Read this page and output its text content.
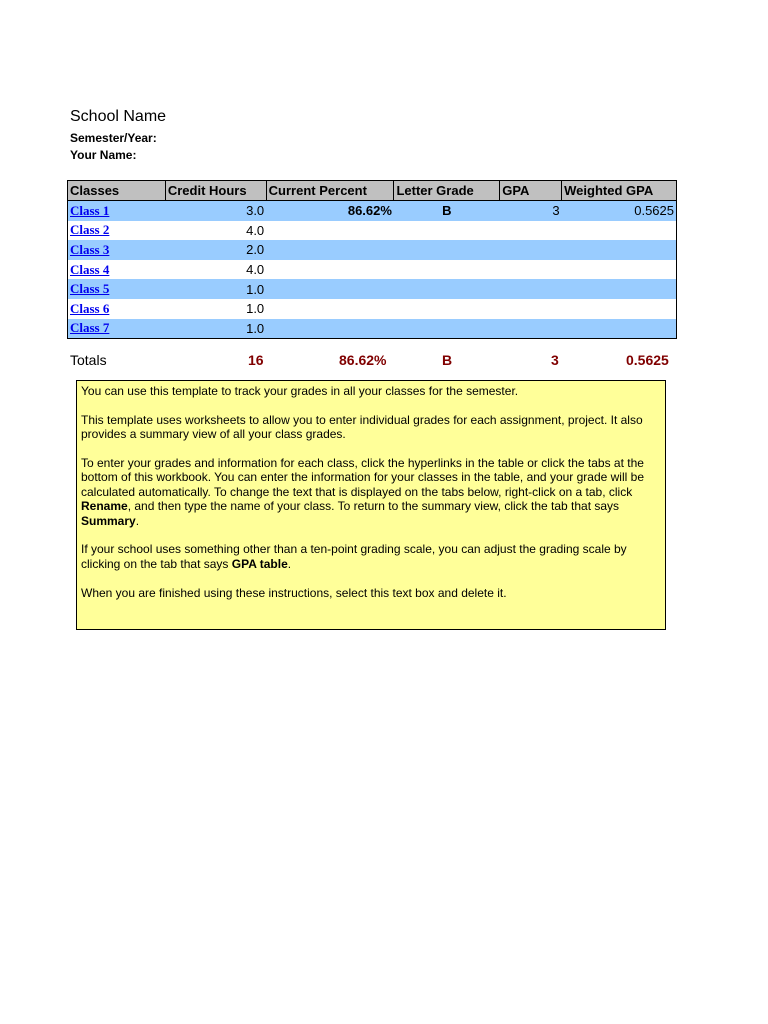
School Name
Semester/Year:
Your Name:
Classes	Credit Hours	Current Percent	Letter Grade	GPA	Weighted GPA
Class 1	3.0	86.62%	B	3	0.5625
Class 2	4.0				
Class 3	2.0				
Class 4	4.0				
Class 5	1.0				
Class 6	1.0				
Class 7	1.0				
Totals	16	86.62%	B	3	0.5625

You can use this template to track your grades in all your classes for the semester.

This template uses worksheets to allow you to enter individual grades for each assignment, project. It also provides a summary view of all your class grades.

To enter your grades and information for each class, click the hyperlinks in the table or click the tabs at the bottom of this workbook. You can enter the information for your classes in the table, and your grade will be calculated automatically. To change the text that is displayed on the tabs below, right-click on a tab, click Rename, and then type the name of your class. To return to the summary view, click the tab that says Summary.

If your school uses something other than a ten-point grading scale, you can adjust the grading scale by clicking on the tab that says GPA table.

When you are finished using these instructions, select this text box and delete it.
